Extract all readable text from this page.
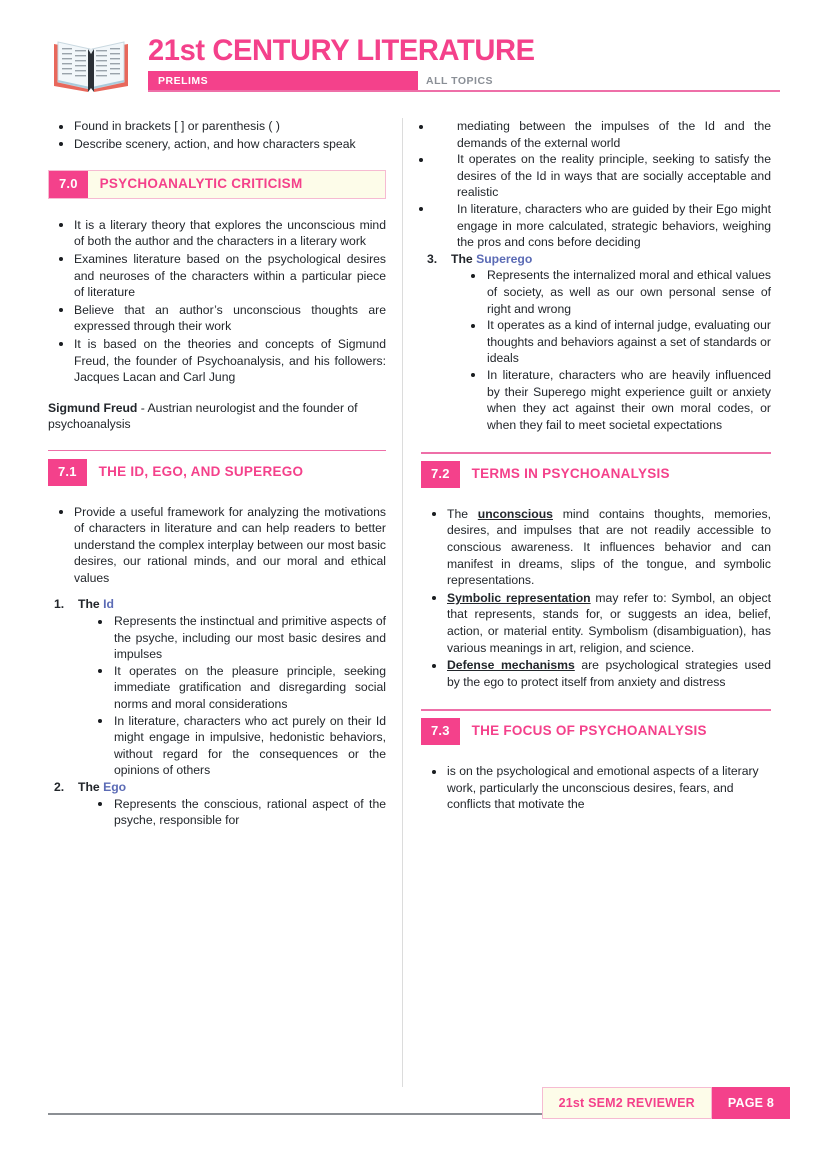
21st CENTURY LITERATURE
PRELIMS	ALL TOPICS
Found in brackets [ ] or parenthesis ( )
Describe scenery, action, and how characters speak
7.0	PSYCHOANALYTIC CRITICISM
It is a literary theory that explores the unconscious mind of both the author and the characters in a literary work
Examines literature based on the psychological desires and neuroses of the characters within a particular piece of literature
Believe that an author’s unconscious thoughts are expressed through their work
It is based on the theories and concepts of Sigmund Freud, the founder of Psychoanalysis, and his followers: Jacques Lacan and Carl Jung
Sigmund Freud - Austrian neurologist and the founder of psychoanalysis
7.1	THE ID, EGO, AND SUPEREGO
Provide a useful framework for analyzing the motivations of characters in literature and can help readers to better understand the complex interplay between our most basic desires, our rational minds, and our moral and ethical values
1. The Id
Represents the instinctual and primitive aspects of the psyche, including our most basic desires and impulses
It operates on the pleasure principle, seeking immediate gratification and disregarding social norms and moral considerations
In literature, characters who act purely on their Id might engage in impulsive, hedonistic behaviors, without regard for the consequences or the opinions of others
2. The Ego
Represents the conscious, rational aspect of the psyche, responsible for
mediating between the impulses of the Id and the demands of the external world
It operates on the reality principle, seeking to satisfy the desires of the Id in ways that are socially acceptable and realistic
In literature, characters who are guided by their Ego might engage in more calculated, strategic behaviors, weighing the pros and cons before deciding
3. The Superego
Represents the internalized moral and ethical values of society, as well as our own personal sense of right and wrong
It operates as a kind of internal judge, evaluating our thoughts and behaviors against a set of standards or ideals
In literature, characters who are heavily influenced by their Superego might experience guilt or anxiety when they act against their own moral codes, or when they fail to meet societal expectations
7.2	TERMS IN PSYCHOANALYSIS
The unconscious mind contains thoughts, memories, desires, and impulses that are not readily accessible to conscious awareness. It influences behavior and can manifest in dreams, slips of the tongue, and symbolic representations.
Symbolic representation may refer to: Symbol, an object that represents, stands for, or suggests an idea, belief, action, or material entity. Symbolism (disambiguation), has various meanings in art, religion, and science.
Defense mechanisms are psychological strategies used by the ego to protect itself from anxiety and distress
7.3	THE FOCUS OF PSYCHOANALYSIS
is on the psychological and emotional aspects of a literary work, particularly the unconscious desires, fears, and conflicts that motivate the
21st SEM2 REVIEWER	PAGE 8
